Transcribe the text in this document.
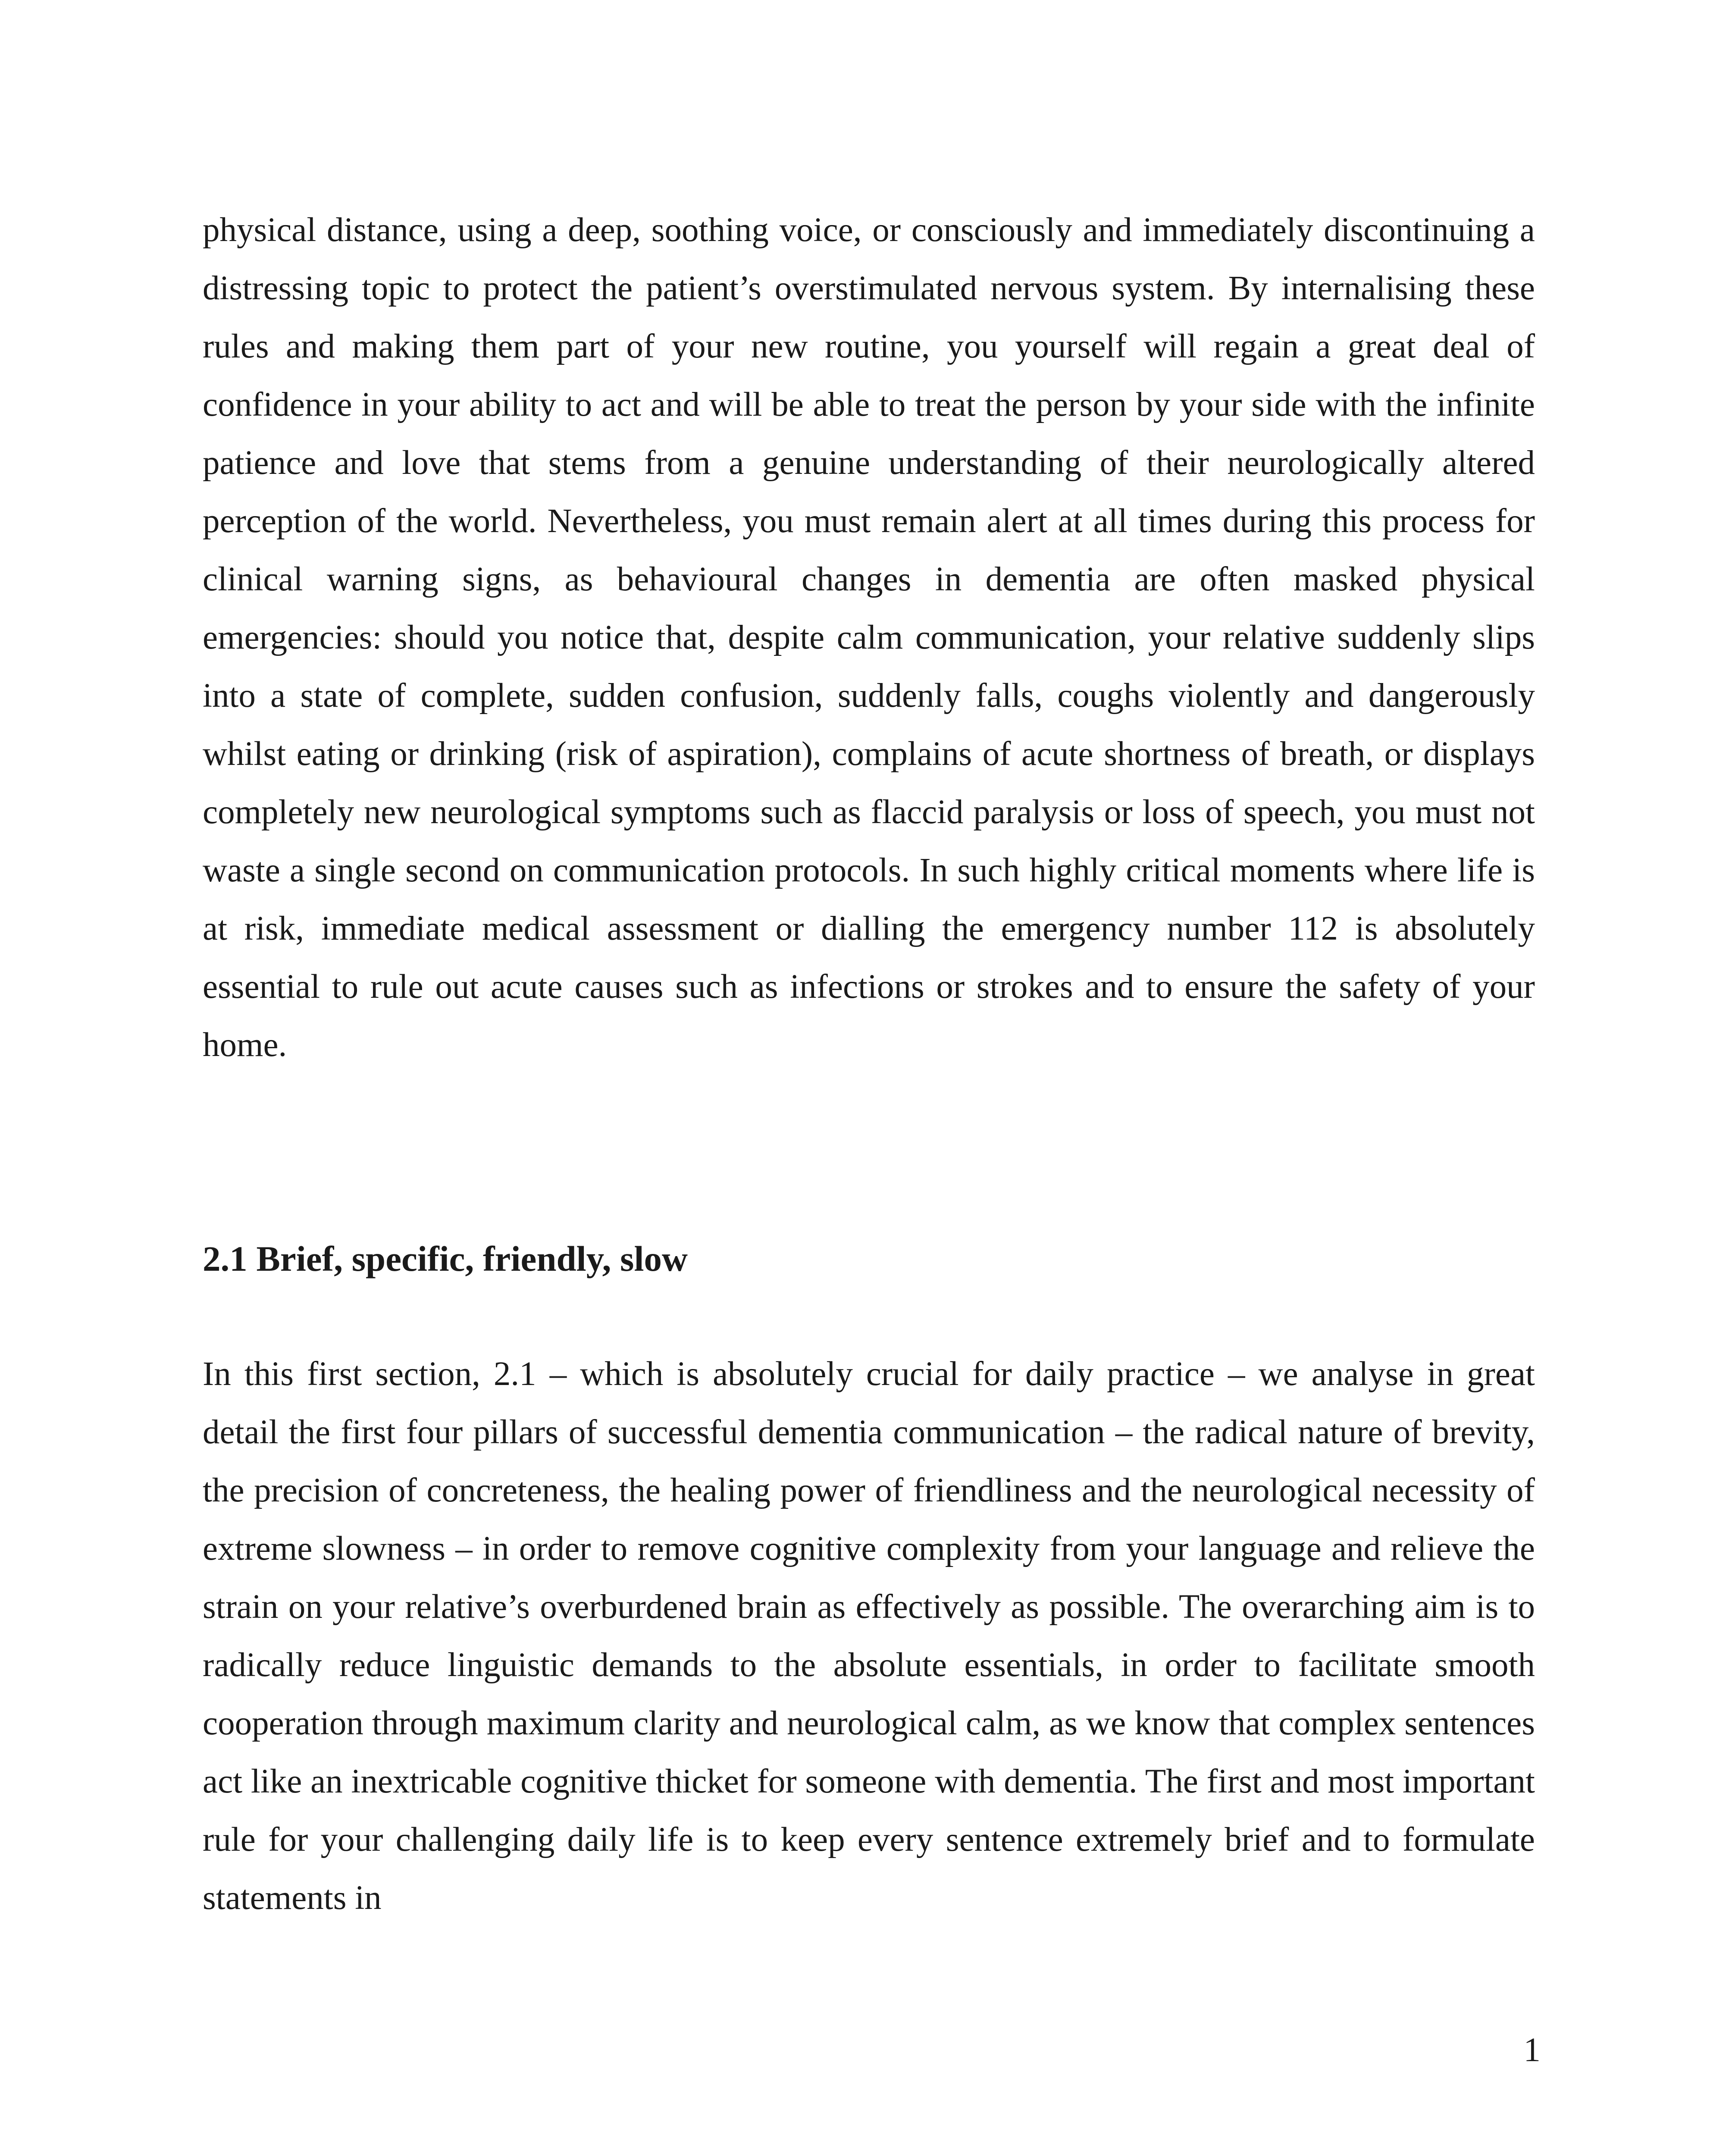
physical distance, using a deep, soothing voice, or consciously and immediately discontinuing a distressing topic to protect the patient’s overstimulated nervous system. By internalising these rules and making them part of your new routine, you yourself will regain a great deal of confidence in your ability to act and will be able to treat the person by your side with the infinite patience and love that stems from a genuine understanding of their neurologically altered perception of the world. Nevertheless, you must remain alert at all times during this process for clinical warning signs, as behavioural changes in dementia are often masked physical emergencies: should you notice that, despite calm communication, your relative suddenly slips into a state of complete, sudden confusion, suddenly falls, coughs violently and dangerously whilst eating or drinking (risk of aspiration), complains of acute shortness of breath, or displays completely new neurological symptoms such as flaccid paralysis or loss of speech, you must not waste a single second on communication protocols. In such highly critical moments where life is at risk, immediate medical assessment or dialling the emergency number 112 is absolutely essential to rule out acute causes such as infections or strokes and to ensure the safety of your home.

2.1 Brief, specific, friendly, slow

In this first section, 2.1 – which is absolutely crucial for daily practice – we analyse in great detail the first four pillars of successful dementia communication – the radical nature of brevity, the precision of concreteness, the healing power of friendliness and the neurological necessity of extreme slowness – in order to remove cognitive complexity from your language and relieve the strain on your relative’s overburdened brain as effectively as possible. The overarching aim is to radically reduce linguistic demands to the absolute essentials, in order to facilitate smooth cooperation through maximum clarity and neurological calm, as we know that complex sentences act like an inextricable cognitive thicket for someone with dementia. The first and most important rule for your challenging daily life is to keep every sentence extremely brief and to formulate statements in

1
